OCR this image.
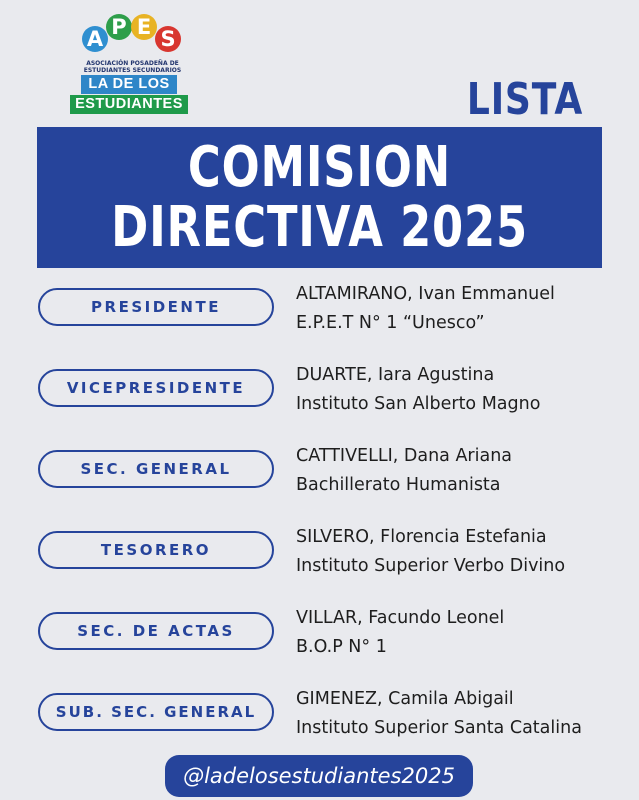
A P E S
ASOCIACIÓN POSADEÑA DE
ESTUDIANTES SECUNDARIOS
LA DE LOS
ESTUDIANTES	LISTA
COMISION
DIRECTIVA 2025
PRESIDENTE
ALTAMIRANO, Ivan Emmanuel
E.P.E.T N° 1 “Unesco”
VICEPRESIDENTE
DUARTE, Iara Agustina
Instituto San Alberto Magno
SEC. GENERAL
CATTIVELLI, Dana Ariana
Bachillerato Humanista
TESORERO
SILVERO, Florencia Estefania
Instituto Superior Verbo Divino
SEC. DE ACTAS
VILLAR, Facundo Leonel
B.O.P N° 1
SUB. SEC. GENERAL
GIMENEZ, Camila Abigail
Instituto Superior Santa Catalina
@ladelosestudiantes2025
